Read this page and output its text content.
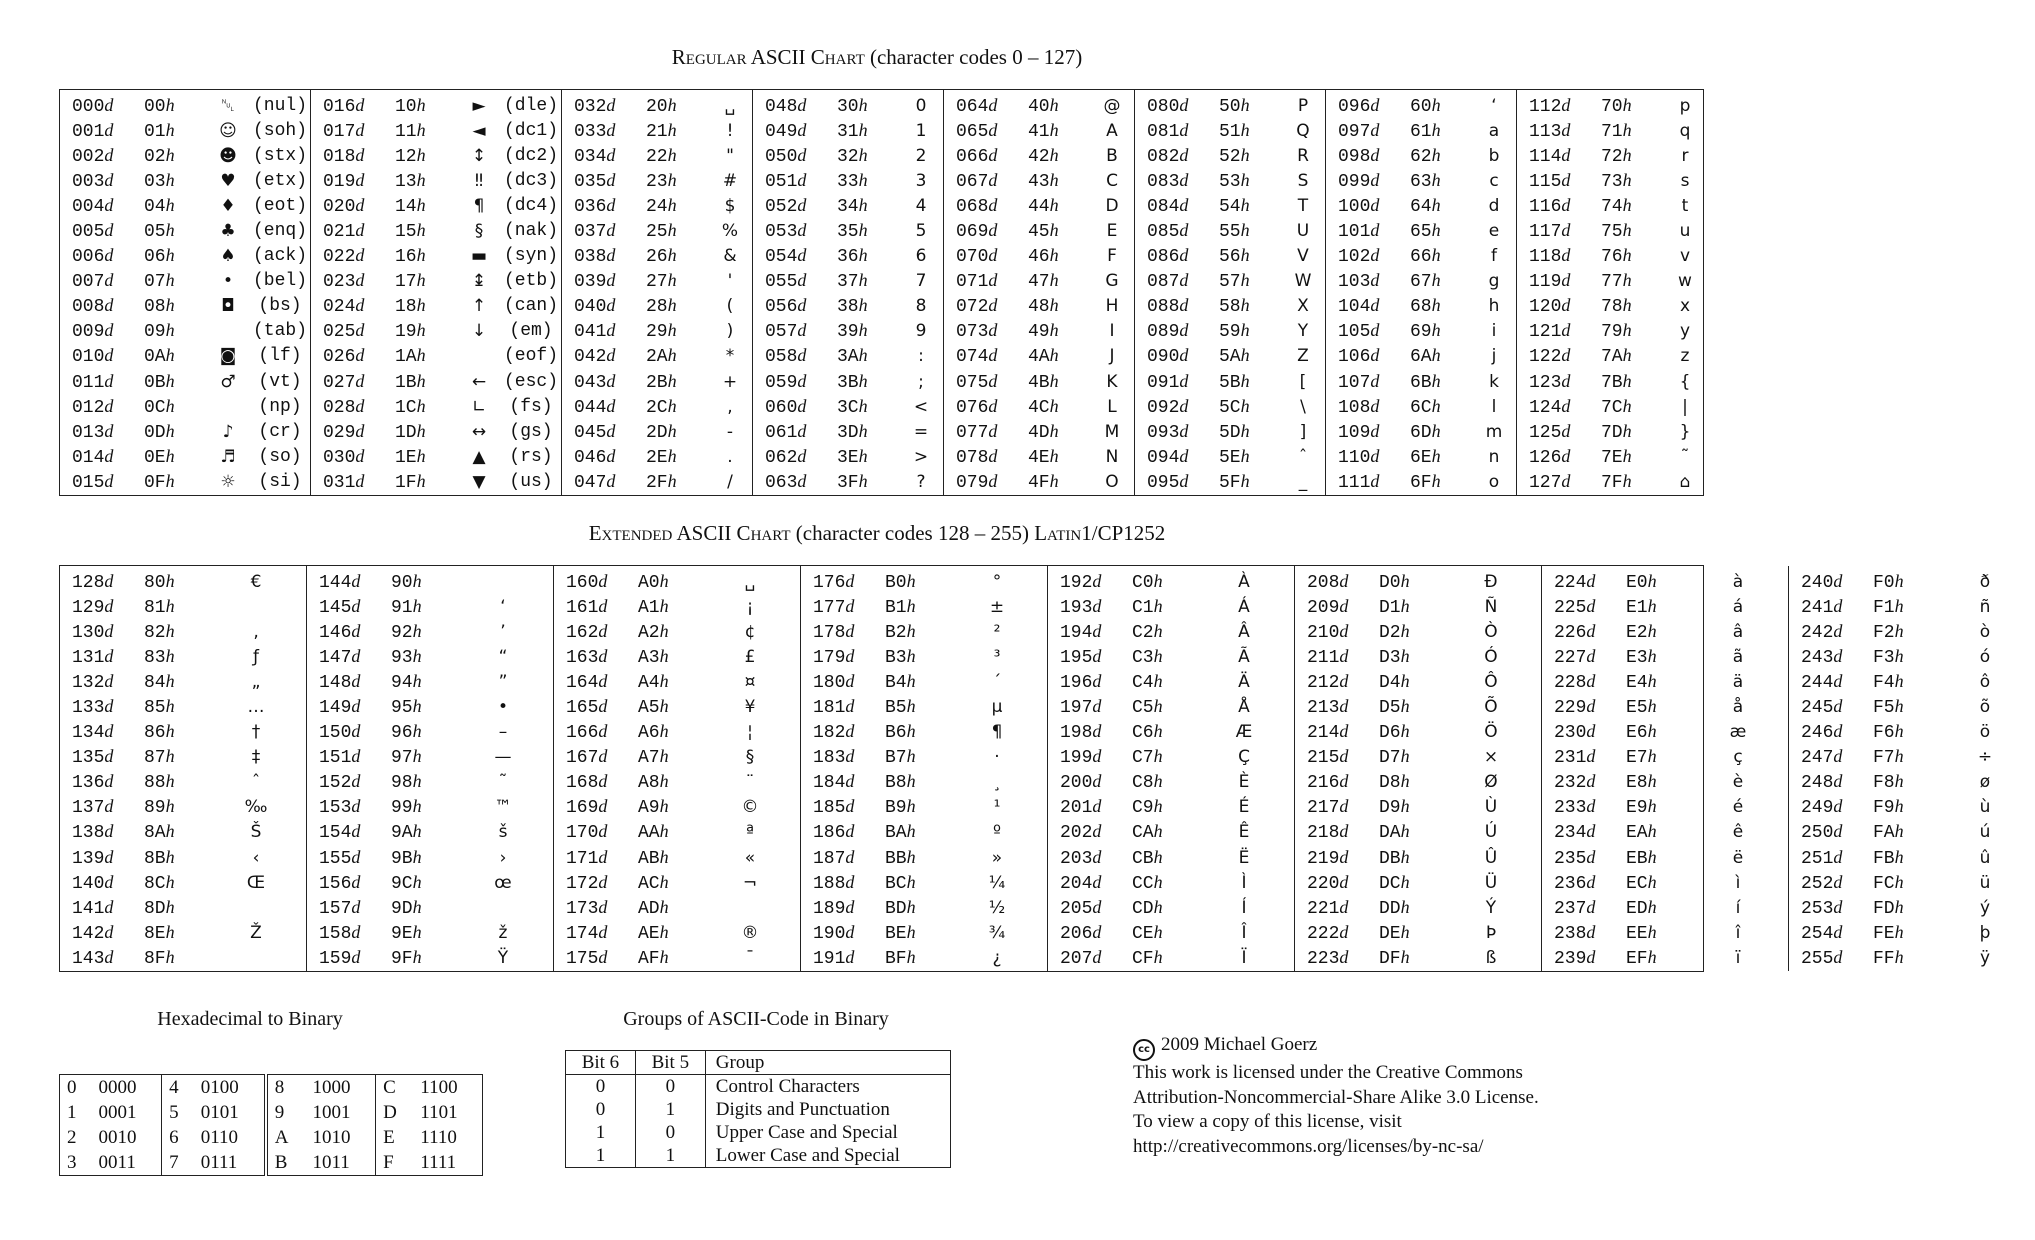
Regular ASCII Chart (character codes 0 – 127)
000d	00h	␀	(nul)
001d	01h	☺ (soh)
002d	02h	☻ (stx)
003d	03h	♥ (etx)
004d	04h	♦ (eot)
005d	05h	♣ (enq)
006d	06h	♠ (ack)
007d	07h	•	(bel)
008d	08h	◘	(bs)
009d	09h	(tab)
010d	0Ah	◙	(lf)
011d	0Bh	♂	(vt)
012d	0Ch	(np)
013d	0Dh	♪	(cr)
014d	0Eh	♬	(so)
015d	0Fh	☼	(si)
016d	10h	►	(dle)
017d	11h	◄	(dc1)
018d	12h	↕ (dc2)
019d	13h	‼	(dc3)
020d	14h	¶	(dc4)
021d	15h	§	(nak)
022d	16h	▬ (syn)
023d	17h	↨ (etb)
024d	18h	↑ (can)
025d	19h	↓	(em)
026d	1Ah	(eof)
027d	1Bh	← (esc)
028d	1Ch	∟	(fs)
029d	1Dh	↔	(gs)
030d	1Eh	▲	(rs)
031d	1Fh	▼	(us)
032d	20h	␣
033d	21h	!
034d	22h	"
035d	23h	#
036d	24h	$
037d	25h	%
038d	26h	&
039d	27h	'
040d	28h	(
041d	29h	)
042d	2Ah	*
043d	2Bh	+
044d	2Ch	,
045d	2Dh	-
046d	2Eh	.
047d	2Fh	/
048d	30h	0
049d	31h	1
050d	32h	2
051d	33h	3
052d	34h	4
053d	35h	5
054d	36h	6
055d	37h	7
056d	38h	8
057d	39h	9
058d	3Ah	:
059d	3Bh	;
060d	3Ch	<
061d	3Dh	=
062d	3Eh	>
063d	3Fh	?
064d	40h	@
065d	41h	A
066d	42h	B
067d	43h	C
068d	44h	D
069d	45h	E
070d	46h	F
071d	47h	G
072d	48h	H
073d	49h	I
074d	4Ah	J
075d	4Bh	K
076d	4Ch	L
077d	4Dh	M
078d	4Eh	N
079d	4Fh	O
080d	50h	P
081d	51h	Q
082d	52h	R
083d	53h	S
084d	54h	T
085d	55h	U
086d	56h	V
087d	57h	W
088d	58h	X
089d	59h	Y
090d	5Ah	Z
091d	5Bh	[
092d	5Ch	\
093d	5Dh	]
094d	5Eh	ˆ
095d	5Fh	_
096d	60h	‘
097d	61h	a
098d	62h	b
099d	63h	c
100d	64h	d
101d	65h	e
102d	66h	f
103d	67h	g
104d	68h	h
105d	69h	i
106d	6Ah	j
107d	6Bh	k
108d	6Ch	l
109d	6Dh	m
110d	6Eh	n
111d	6Fh	o
112d	70h	p
113d	71h	q
114d	72h	r
115d	73h	s
116d	74h	t
117d	75h	u
118d	76h	v
119d	77h	w
120d	78h	x
121d	79h	y
122d	7Ah	z
123d	7Bh	{
124d	7Ch	|
125d	7Dh	}
126d	7Eh	˜
127d	7Fh	⌂
Extended ASCII Chart (character codes 128 – 255) Latin1/CP1252
128d	80h	€
129d	81h
130d	82h	‚
131d	83h	ƒ
132d	84h	„
133d	85h	…
134d	86h	†
135d	87h	‡
136d	88h	ˆ
137d	89h	‰
138d	8Ah	Š
139d	8Bh	‹
140d	8Ch	Œ
141d	8Dh
142d	8Eh	Ž
143d	8Fh
144d	90h
145d	91h	‘
146d	92h	’
147d	93h	“
148d	94h	”
149d	95h	•
150d	96h	–
151d	97h	—
152d	98h	˜
153d	99h	™
154d	9Ah	š
155d	9Bh	›
156d	9Ch	œ
157d	9Dh
158d	9Eh	ž
159d	9Fh	Ÿ
160d	A0h	␣
161d	A1h	¡
162d	A2h	¢
163d	A3h	£
164d	A4h	¤
165d	A5h	¥
166d	A6h	¦
167d	A7h	§
168d	A8h	¨
169d	A9h	©
170d	AAh	ª
171d	ABh	«
172d	ACh	¬
173d	ADh
174d	AEh	®
175d	AFh	¯
176d	B0h	°
177d	B1h	±
178d	B2h	²
179d	B3h	³
180d	B4h	´
181d	B5h	µ
182d	B6h	¶
183d	B7h	·
184d	B8h	¸
185d	B9h	¹
186d	BAh	º
187d	BBh	»
188d	BCh	¼
189d	BDh	½
190d	BEh	¾
191d	BFh	¿
192d	C0h	À
193d	C1h	Á
194d	C2h	Â
195d	C3h	Ã
196d	C4h	Ä
197d	C5h	Å
198d	C6h	Æ
199d	C7h	Ç
200d	C8h	È
201d	C9h	É
202d	CAh	Ê
203d	CBh	Ë
204d	CCh	Ì
205d	CDh	Í
206d	CEh	Î
207d	CFh	Ï
208d	D0h	Ð
209d	D1h	Ñ
210d	D2h	Ò
211d	D3h	Ó
212d	D4h	Ô
213d	D5h	Õ
214d	D6h	Ö
215d	D7h	×
216d	D8h	Ø
217d	D9h	Ù
218d	DAh	Ú
219d	DBh	Û
220d	DCh	Ü
221d	DDh	Ý
222d	DEh	Þ
223d	DFh	ß
224d	E0h	à
225d	E1h	á
226d	E2h	â
227d	E3h	ã
228d	E4h	ä
229d	E5h	å
230d	E6h	æ
231d	E7h	ç
232d	E8h	è
233d	E9h	é
234d	EAh	ê
235d	EBh	ë
236d	ECh	ì
237d	EDh	í
238d	EEh	î
239d	EFh	ï
240d	F0h	ð
241d	F1h	ñ
242d	F2h	ò
243d	F3h	ó
244d	F4h	ô
245d	F5h	õ
246d	F6h	ö
247d	F7h	÷
248d	F8h	ø
249d	F9h	ù
250d	FAh	ú
251d	FBh	û
252d	FCh	ü
253d	FDh	ý
254d	FEh	þ
255d	FFh	ÿ
Hexadecimal to Binary
0	0000	4	0100	8	1000	C	1100
1	0001	5	0101	9	1001	D	1101
2	0010	6	0110	A	1010	E	1110
3	0011	7	0111	B	1011	F	1111
Groups of ASCII-Code in Binary
Bit 6	Bit 5	Group
0	0	Control Characters
0	1	Digits and Punctuation
1	0	Upper Case and Special
1	1	Lower Case and Special
cc 2009 Michael Goerz
This work is licensed under the Creative Commons
Attribution-Noncommercial-Share Alike 3.0 License.
To view a copy of this license, visit
http://creativecommons.org/licenses/by-nc-sa/
